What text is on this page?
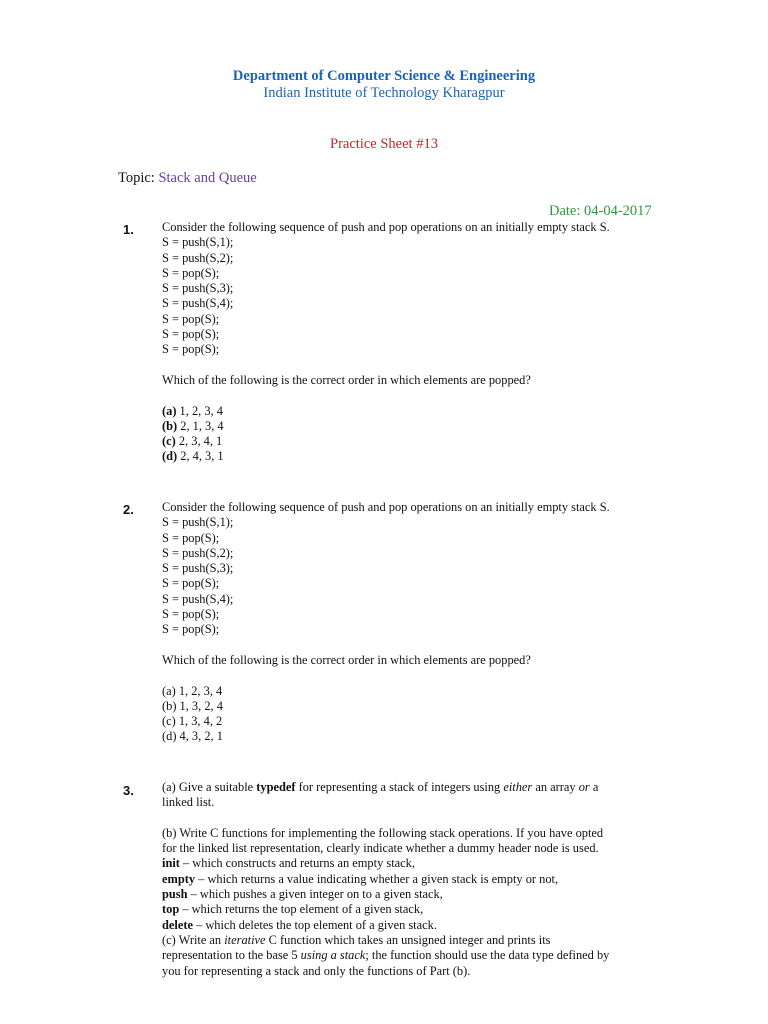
Department of Computer Science & Engineering
Indian Institute of Technology Kharagpur
Practice Sheet #13
Topic: Stack and Queue
Date: 04-04-2017
1. Consider the following sequence of push and pop operations on an initially empty stack S.
S = push(S,1);
S = push(S,2);
S = pop(S);
S = push(S,3);
S = push(S,4);
S = pop(S);
S = pop(S);
S = pop(S);
Which of the following is the correct order in which elements are popped?
(a) 1, 2, 3, 4
(b) 2, 1, 3, 4
(c) 2, 3, 4, 1
(d) 2, 4, 3, 1
2. Consider the following sequence of push and pop operations on an initially empty stack S.
S = push(S,1);
S = pop(S);
S = push(S,2);
S = push(S,3);
S = pop(S);
S = push(S,4);
S = pop(S);
S = pop(S);
Which of the following is the correct order in which elements are popped?
(a) 1, 2, 3, 4
(b) 1, 3, 2, 4
(c) 1, 3, 4, 2
(d) 4, 3, 2, 1
3. (a) Give a suitable typedef for representing a stack of integers using either an array or a
linked list.
(b) Write C functions for implementing the following stack operations. If you have opted
for the linked list representation, clearly indicate whether a dummy header node is used.
init – which constructs and returns an empty stack,
empty – which returns a value indicating whether a given stack is empty or not,
push – which pushes a given integer on to a given stack,
top – which returns the top element of a given stack,
delete – which deletes the top element of a given stack.
(c) Write an iterative C function which takes an unsigned integer and prints its
representation to the base 5 using a stack; the function should use the data type defined by
you for representing a stack and only the functions of Part (b).
